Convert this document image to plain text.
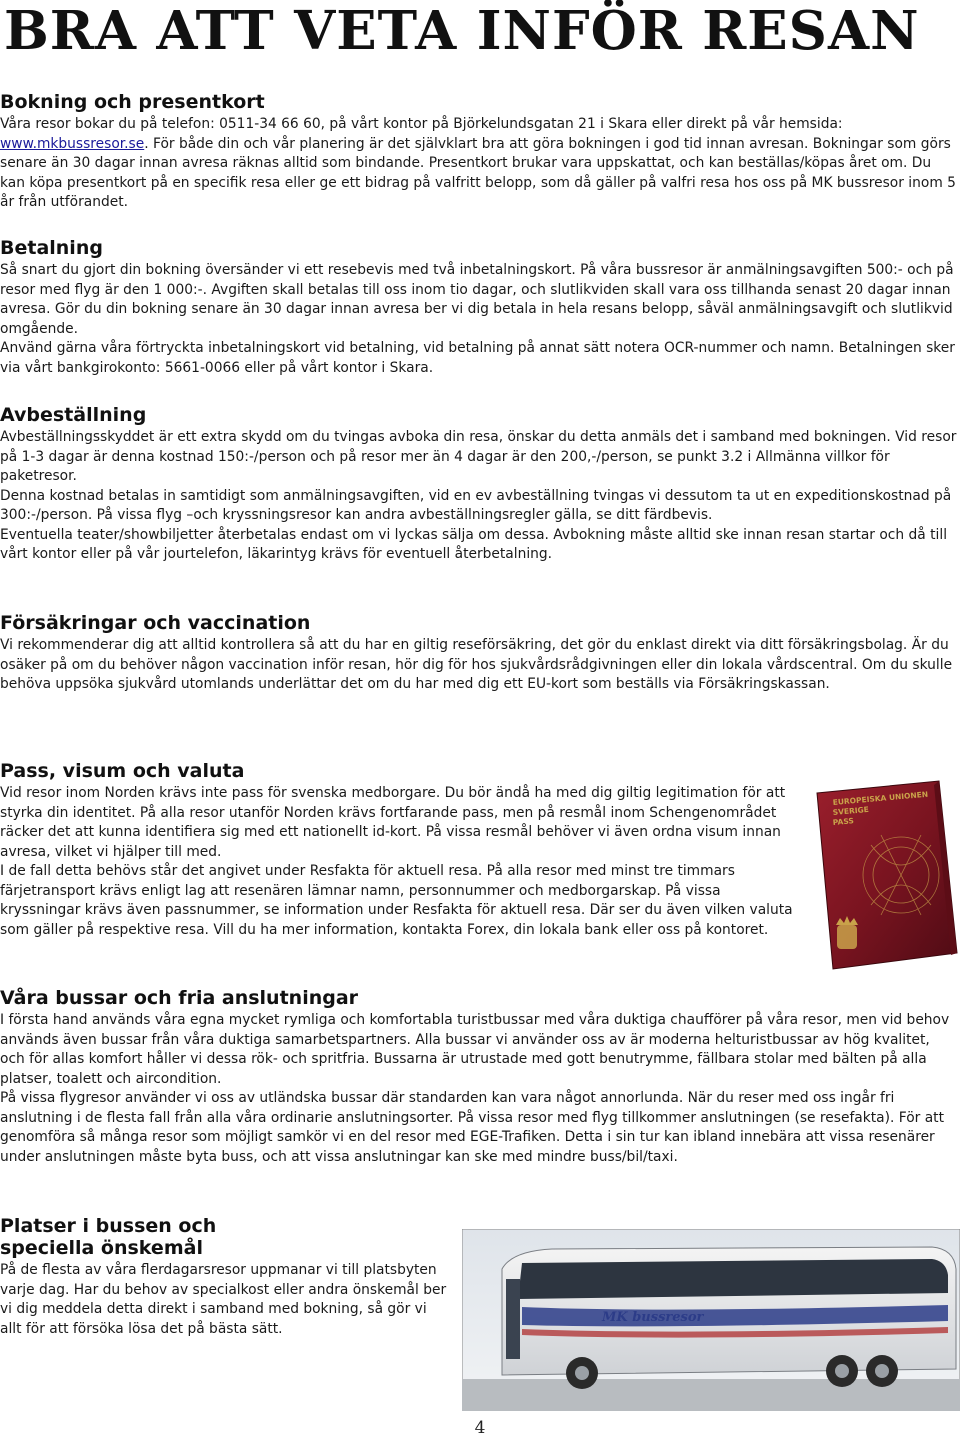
BRA ATT VETA INFÖR RESAN
Bokning och presentkort

Våra resor bokar du på telefon: 0511-34 66 60, på vårt kontor på Björkelundsgatan 21 i Skara eller direkt på vår hemsida: www.mkbussresor.se. För både din och vår planering är det självklart bra att göra bokningen i god tid innan avresan. Bokningar som görs senare än 30 dagar innan avresa räknas alltid som bindande. Presentkort brukar vara uppskattat, och kan beställas/köpas året om. Du kan köpa presentkort på en specifik resa eller ge ett bidrag på valfritt belopp, som då gäller på valfri resa hos oss på MK bussresor inom 5 år från utförandet.

Betalning

Så snart du gjort din bokning översänder vi ett resebevis med två inbetalningskort. På våra bussresor är anmälningsavgiften 500:- och på resor med flyg är den 1 000:-. Avgiften skall betalas till oss inom tio dagar, och slutlikviden skall vara oss tillhanda senast 20 dagar innan avresa. Gör du din bokning senare än 30 dagar innan avresa ber vi dig betala in hela resans belopp, såväl anmälningsavgift och slutlikvid omgående.

Använd gärna våra förtryckta inbetalningskort vid betalning, vid betalning på annat sätt notera OCR-nummer och namn. Betalningen sker via vårt bankgirokonto: 5661-0066 eller på vårt kontor i Skara.

Avbeställning

Avbeställningsskyddet är ett extra skydd om du tvingas avboka din resa, önskar du detta anmäls det i samband med bokningen. Vid resor på 1-3 dagar är denna kostnad 150:-/person och på resor mer än 4 dagar är den 200,-/person, se punkt 3.2 i Allmänna villkor för paketresor.

Denna kostnad betalas in samtidigt som anmälningsavgiften, vid en ev avbeställning tvingas vi dessutom ta ut en expeditionskostnad på 300:-/person. På vissa flyg –och kryssningsresor kan andra avbeställningsregler gälla, se ditt färdbevis.

Eventuella teater/showbiljetter återbetalas endast om vi lyckas sälja om dessa. Avbokning måste alltid ske innan resan startar och då till vårt kontor eller på vår jourtelefon, läkarintyg krävs för eventuell återbetalning.

Försäkringar och vaccination

Vi rekommenderar dig att alltid kontrollera så att du har en giltig reseförsäkring, det gör du enklast direkt via ditt försäkringsbolag. Är du osäker på om du behöver någon vaccination inför resan, hör dig för hos sjukvårdsrådgivningen eller din lokala vårdscentral. Om du skulle behöva uppsöka sjukvård utomlands underlättar det om du har med dig ett EU-kort som beställs via Försäkringskassan.

Pass, visum och valuta

Vid resor inom Norden krävs inte pass för svenska medborgare. Du bör ändå ha med dig giltig legitimation för att styrka din identitet. På alla resor utanför Norden krävs fortfarande pass, men på resmål inom Schengenområdet räcker det att kunna identifiera sig med ett nationellt id-kort. På vissa resmål behöver vi även ordna visum innan avresa, vilket vi hjälper till med.

I de fall detta behövs står det angivet under Resfakta för aktuell resa. På alla resor med minst tre timmars färjetransport krävs enligt lag att resenären lämnar namn, personnummer och medborgarskap. På vissa kryssningar krävs även passnummer, se information under Resfakta för aktuell resa. Där ser du även vilken valuta som gäller på respektive resa. Vill du ha mer information, kontakta Forex, din lokala bank eller oss på kontoret.

EUROPEISKA UNIONEN
SVERIGE
PASS
Våra bussar och fria anslutningar

I första hand används våra egna mycket rymliga och komfortabla turistbussar med våra duktiga chaufförer på våra resor, men vid behov används även bussar från våra duktiga samarbetspartners. Alla bussar vi använder oss av är moderna helturistbussar av hög kvalitet, och för allas komfort håller vi dessa rök- och spritfria. Bussarna är utrustade med gott benutrymme, fällbara stolar med bälten på alla platser, toalett och aircondition.

På vissa flygresor använder vi oss av utländska bussar där standarden kan vara något annorlunda. När du reser med oss ingår fri anslutning i de flesta fall från alla våra ordinarie anslutningsorter. På vissa resor med flyg tillkommer anslutningen (se resefakta). För att genomföra så många resor som möjligt samkör vi en del resor med EGE-Trafiken. Detta i sin tur kan ibland innebära att vissa resenärer under anslutningen måste byta buss, och att vissa anslutningar kan ske med mindre buss/bil/taxi.

Platser i bussen och
speciella önskemål

På de flesta av våra flerdagarsresor uppmanar vi till platsbyten varje dag. Har du behov av specialkost eller andra önskemål ber vi dig meddela detta direkt i samband med bokning, så gör vi allt för att försöka lösa det på bästa sätt.

MK bussresor
4
